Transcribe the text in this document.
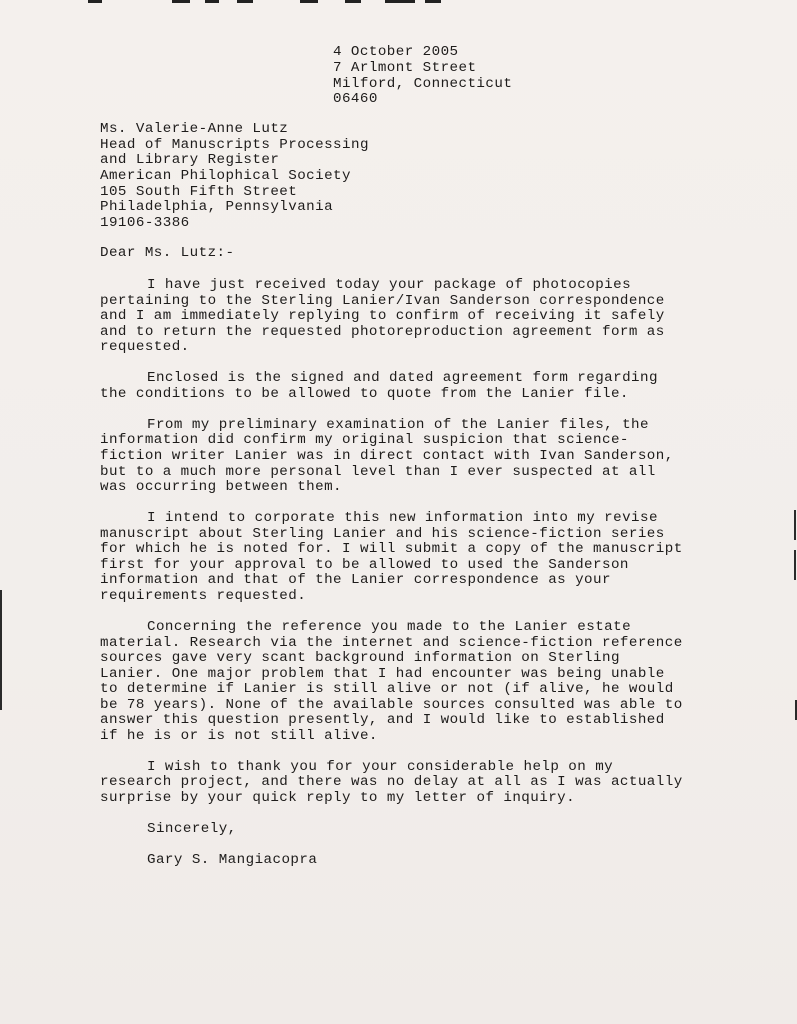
4 October 2005
7 Arlmont Street
Milford, Connecticut
06460
Ms. Valerie-Anne Lutz
Head of Manuscripts Processing
and Library Register
American Philophical Society
105 South Fifth Street
Philadelphia, Pennsylvania
19106-3386
Dear Ms. Lutz:-
I have just received today your package of photocopies
pertaining to the Sterling Lanier/Ivan Sanderson correspondence
and I am immediately replying to confirm of receiving it safely
and to return the requested photoreproduction agreement form as
requested.
Enclosed is the signed and dated agreement form regarding
the conditions to be allowed to quote from the Lanier file.
From my preliminary examination of the Lanier files, the
information did confirm my original suspicion that science-
fiction writer Lanier was in direct contact with Ivan Sanderson,
but to a much more personal level than I ever suspected at all
was occurring between them.
I intend to corporate this new information into my revise
manuscript about Sterling Lanier and his science-fiction series
for which he is noted for. I will submit a copy of the manuscript
first for your approval to be allowed to used the Sanderson
information and that of the Lanier correspondence as your
requirements requested.
Concerning the reference you made to the Lanier estate
material. Research via the internet and science-fiction reference
sources gave very scant background information on Sterling
Lanier. One major problem that I had encounter was being unable
to determine if Lanier is still alive or not (if alive, he would
be 78 years). None of the available sources consulted was able to
answer this question presently, and I would like to established
if he is or is not still alive.
I wish to thank you for your considerable help on my
research project, and there was no delay at all as I was actually
surprise by your quick reply to my letter of inquiry.
Sincerely,
Gary S. Mangiacopra
